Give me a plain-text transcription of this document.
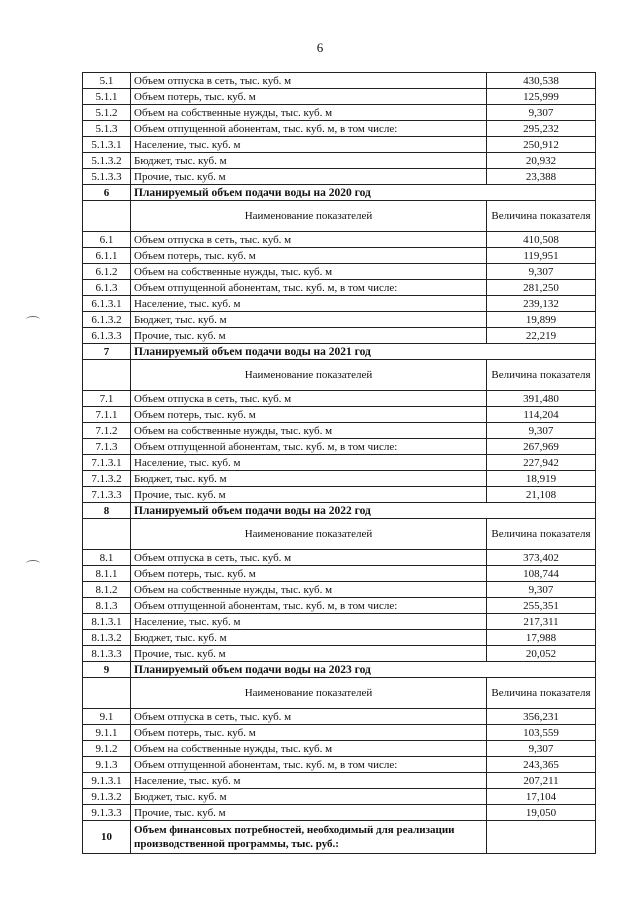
6
5.1	Объем отпуска в сеть, тыс. куб. м	430,538
5.1.1	Объем потерь, тыс. куб. м	125,999
5.1.2	Объем на собственные нужды, тыс. куб. м	9,307
5.1.3	Объем отпущенной абонентам, тыс. куб. м, в том числе:	295,232
5.1.3.1	Население, тыс. куб. м	250,912
5.1.3.2	Бюджет, тыс. куб. м	20,932
5.1.3.3	Прочие, тыс. куб. м	23,388
6	Планируемый объем подачи воды на 2020 год	
	Наименование показателей	Величина показателя
6.1	Объем отпуска в сеть, тыс. куб. м	410,508
6.1.1	Объем потерь, тыс. куб. м	119,951
6.1.2	Объем на собственные нужды, тыс. куб. м	9,307
6.1.3	Объем отпущенной абонентам, тыс. куб. м, в том числе:	281,250
6.1.3.1	Население, тыс. куб. м	239,132
6.1.3.2	Бюджет, тыс. куб. м	19,899
6.1.3.3	Прочие, тыс. куб. м	22,219
7	Планируемый объем подачи воды на 2021 год	
	Наименование показателей	Величина показателя
7.1	Объем отпуска в сеть, тыс. куб. м	391,480
7.1.1	Объем потерь, тыс. куб. м	114,204
7.1.2	Объем на собственные нужды, тыс. куб. м	9,307
7.1.3	Объем отпущенной абонентам, тыс. куб. м, в том числе:	267,969
7.1.3.1	Население, тыс. куб. м	227,942
7.1.3.2	Бюджет, тыс. куб. м	18,919
7.1.3.3	Прочие, тыс. куб. м	21,108
8	Планируемый объем подачи воды на 2022 год	
	Наименование показателей	Величина показателя
8.1	Объем отпуска в сеть, тыс. куб. м	373,402
8.1.1	Объем потерь, тыс. куб. м	108,744
8.1.2	Объем на собственные нужды, тыс. куб. м	9,307
8.1.3	Объем отпущенной абонентам, тыс. куб. м, в том числе:	255,351
8.1.3.1	Население, тыс. куб. м	217,311
8.1.3.2	Бюджет, тыс. куб. м	17,988
8.1.3.3	Прочие, тыс. куб. м	20,052
9	Планируемый объем подачи воды на 2023 год	
	Наименование показателей	Величина показателя
9.1	Объем отпуска в сеть, тыс. куб. м	356,231
9.1.1	Объем потерь, тыс. куб. м	103,559
9.1.2	Объем на собственные нужды, тыс. куб. м	9,307
9.1.3	Объем отпущенной абонентам, тыс. куб. м, в том числе:	243,365
9.1.3.1	Население, тыс. куб. м	207,211
9.1.3.2	Бюджет, тыс. куб. м	17,104
9.1.3.3	Прочие, тыс. куб. м	19,050
10	Объем финансовых потребностей, необходимый для реализации производственной программы, тыс. руб.:	
